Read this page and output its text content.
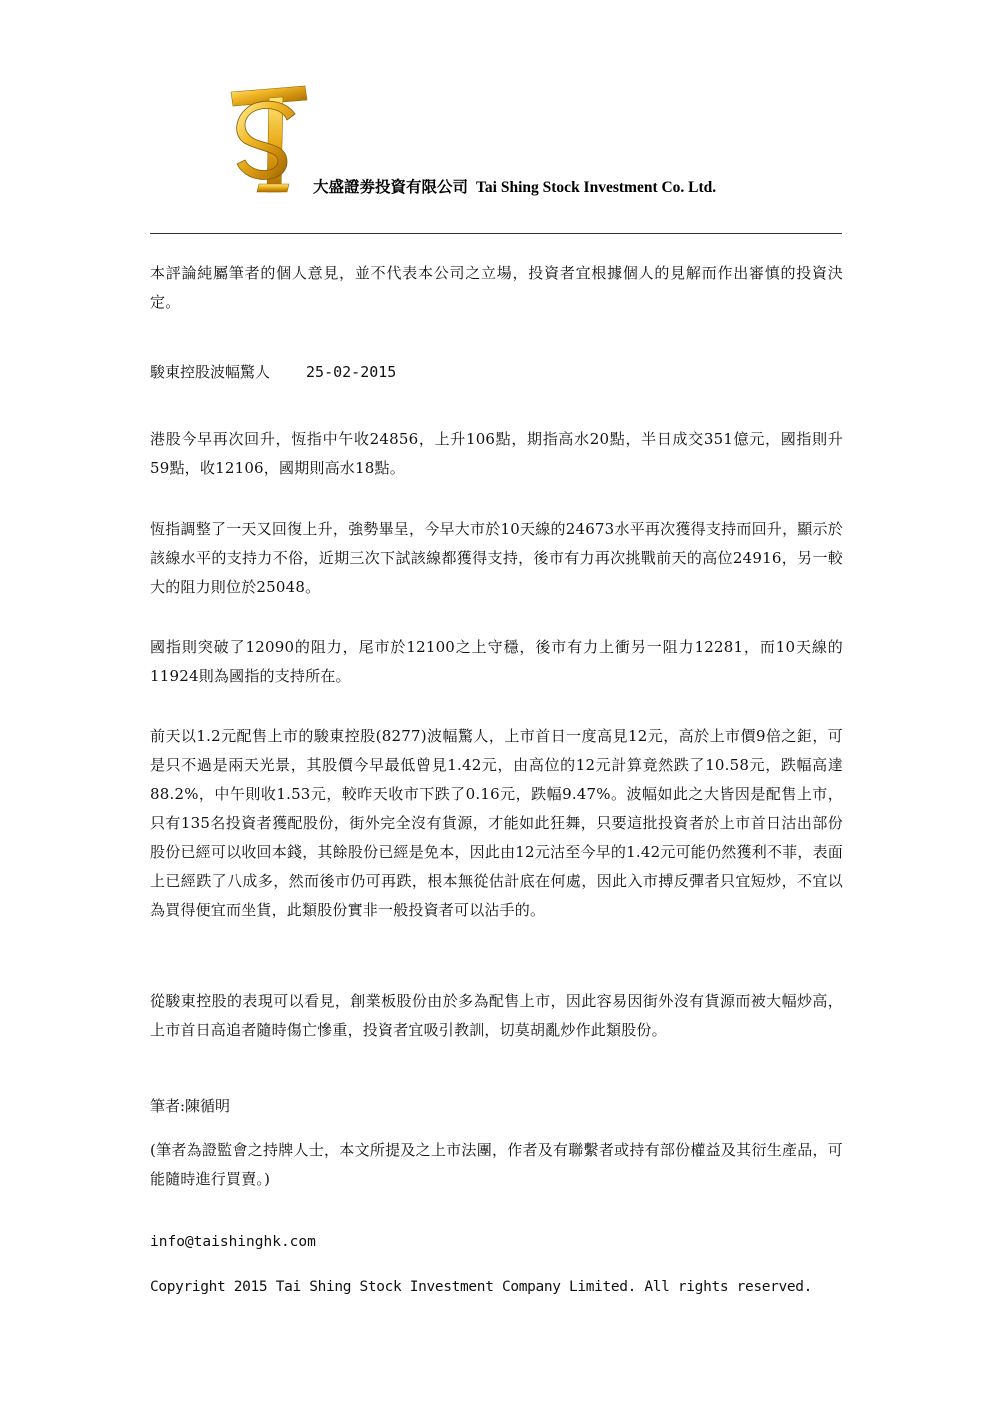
大盛證劵投資有限公司 Tai Shing Stock Investment Co. Ltd.
本評論純屬筆者的個人意見，並不代表本公司之立場，投資者宜根據個人的見解而作出審慎的投資決定。
駿東控股波幅驚人 25-02-2015
港股今早再次回升，恆指中午收24856，上升106點，期指高水20點，半日成交351億元，國指則升59點，收12106，國期則高水18點。
恆指調整了一天又回復上升，強勢畢呈，今早大市於10天線的24673水平再次獲得支持而回升，顯示於該線水平的支持力不俗，近期三次下試該線都獲得支持，後市有力再次挑戰前天的高位24916，另一較大的阻力則位於25048。
國指則突破了12090的阻力，尾市於12100之上守穩，後市有力上衝另一阻力12281，而10天線的11924則為國指的支持所在。
前天以1.2元配售上市的駿東控股(8277)波幅驚人，上市首日一度高見12元，高於上市價9倍之鉅，可是只不過是兩天光景，其股價今早最低曾見1.42元，由高位的12元計算竟然跌了10.58元，跌幅高達88.2%，中午則收1.53元，較昨天收市下跌了0.16元，跌幅9.47%。波幅如此之大皆因是配售上市，只有135名投資者獲配股份，街外完全沒有貨源，才能如此狂舞，只要這批投資者於上市首日沽出部份股份已經可以收回本錢，其餘股份已經是免本，因此由12元沽至今早的1.42元可能仍然獲利不菲，表面上已經跌了八成多，然而後市仍可再跌，根本無從估計底在何處，因此入市搏反彈者只宜短炒，不宜以為買得便宜而坐貨，此類股份實非一般投資者可以沾手的。
從駿東控股的表現可以看見，創業板股份由於多為配售上市，因此容易因街外沒有貨源而被大幅炒高，上市首日高追者隨時傷亡慘重，投資者宜吸引教訓，切莫胡亂炒作此類股份。
筆者:陳循明
(筆者為證監會之持牌人士，本文所提及之上市法團，作者及有聯繫者或持有部份權益及其衍生產品，可能隨時進行買賣。)
info@taishinghk.com
Copyright 2015 Tai Shing Stock Investment Company Limited. All rights reserved.
